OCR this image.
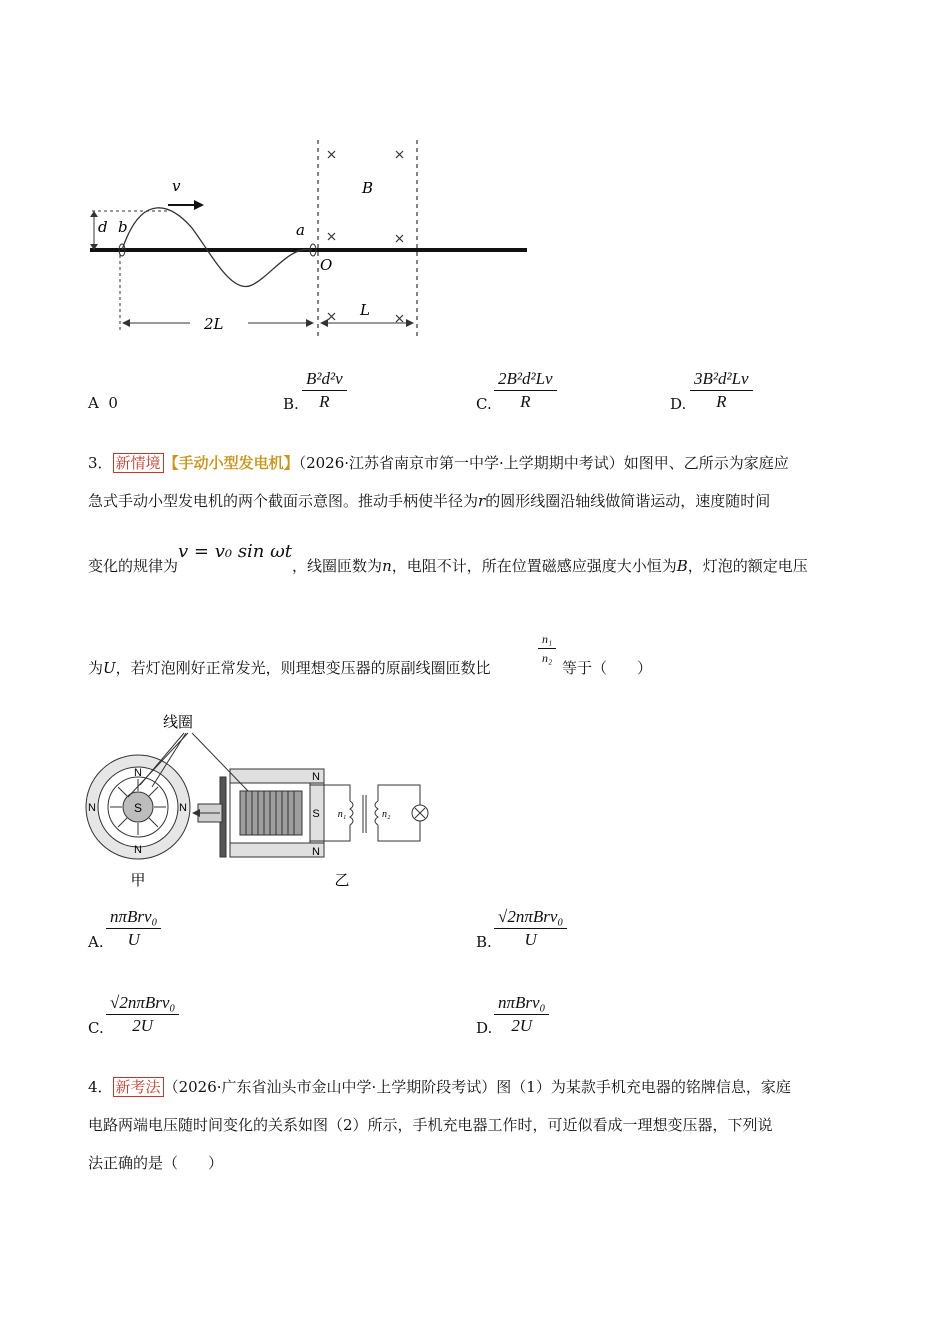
v
d b	a
O
B
L
2L
A 0	B. $\frac{\text{B²d²v}}{R}$	C. $\frac{\text{2B²d²Lv}}{R}$	D. $\frac{\text{3B²d²Lv}}{R}$
3． 新情境 【手动小型发电机】（2026·江苏省南京市第一中学·上学期期中考试）如图甲、乙所示为家庭应
急式手动小型发电机的两个截面示意图。推动手柄使半径为r的圆形线圈沿轴线做简谐运动，速度随时间
变化的规律为v = v₀ sin ωt，线圈匝数为n，电阻不计，所在位置磁感应强度大小恒为B，灯泡的额定电压
为U，若灯泡刚好正常发光，则理想变压器的原副线圈匝数比
$\frac{\text{n₁}}{\text{n₂}}$
等于（　　）
N
N
N	N
S	S
N
N
n₁	n₂
线圈
甲	乙
A.
nπBrv₀
U	B.
√2nπBrv₀
U
C.
√2nπBrv₀
2U	D.
nπBrv₀
2U
4． 新考法 （2026·广东省汕头市金山中学·上学期阶段考试）图（1）为某款手机充电器的铭牌信息，家庭
电路两端电压随时间变化的关系如图（2）所示，手机充电器工作时，可近似看成一理想变压器，下列说
法正确的是（　　）
